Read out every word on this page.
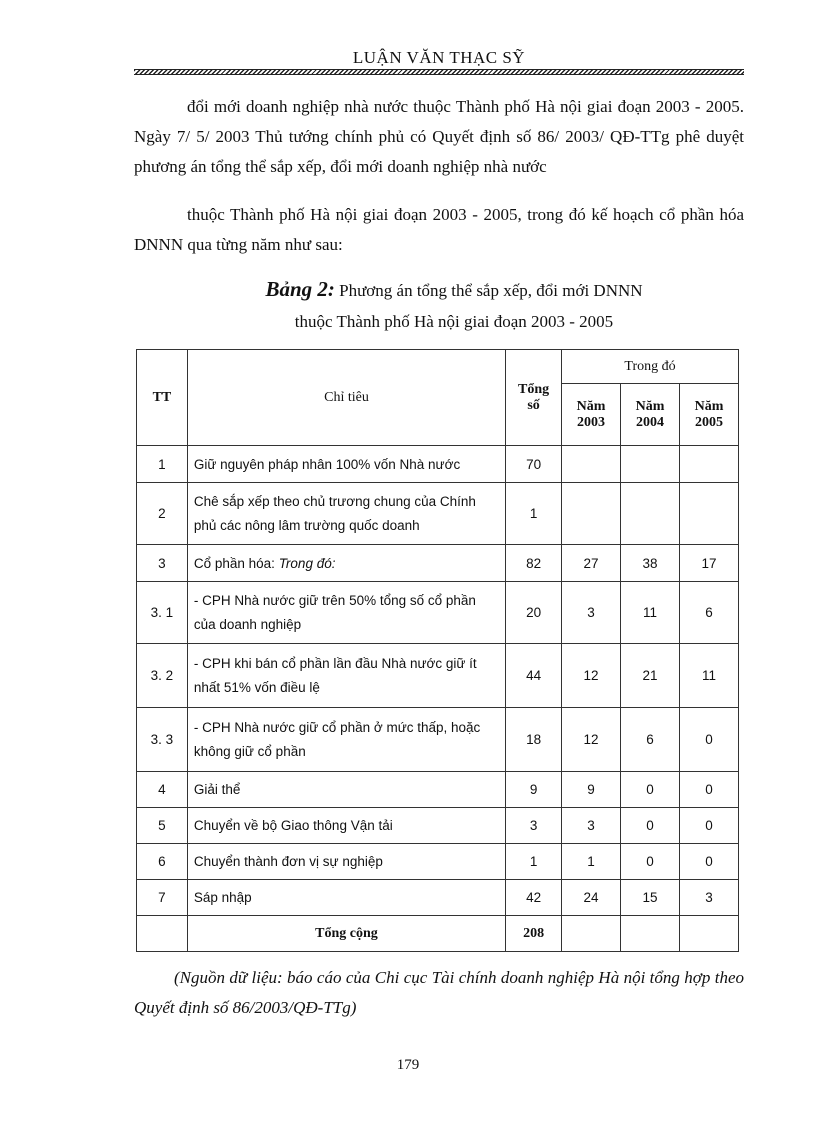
LUẬN VĂN THẠC SỸ
đổi mới doanh nghiệp nhà nước thuộc Thành phố Hà nội giai đoạn 2003 - 2005. Ngày 7/ 5/ 2003 Thủ tướng chính phủ có Quyết định số 86/ 2003/ QĐ-TTg phê duyệt phương án tổng thể sắp xếp, đổi mới doanh nghiệp nhà nước
thuộc Thành phố Hà nội giai đoạn 2003 - 2005, trong đó kế hoạch cổ phần hóa DNNN qua từng năm như sau:
Bảng 2: Phương án tổng thể sắp xếp, đổi mới DNNN
thuộc Thành phố Hà nội giai đoạn 2003 - 2005
TT	Chỉ tiêu	Tổng số	Trong đó		
			Năm 2003	Năm 2004	Năm 2005
1	Giữ nguyên pháp nhân 100% vốn Nhà nước	70			
2	Chê sắp xếp theo chủ trương chung của Chính phủ các nông lâm trường quốc doanh	1			
3	Cổ phần hóa: Trong đó:	82	27	38	17
3. 1	- CPH Nhà nước giữ trên 50% tổng số cổ phần của doanh nghiệp	20	3	11	6
3. 2	- CPH khi bán cổ phần lần đầu Nhà nước giữ ít nhất 51% vốn điều lệ	44	12	21	11
3. 3	- CPH Nhà nước giữ cổ phần ở mức thấp, hoặc không giữ cổ phần	18	12	6	0
4	Giải thể	9	9	0	0
5	Chuyển về bộ Giao thông Vận tải	3	3	0	0
6	Chuyển thành đơn vị sự nghiệp	1	1	0	0
7	Sáp nhập	42	24	15	3
	Tổng cộng	208			
(Nguồn dữ liệu: báo cáo của Chi cục Tài chính doanh nghiệp Hà nội tổng hợp theo Quyết định số 86/2003/QĐ-TTg)
179
